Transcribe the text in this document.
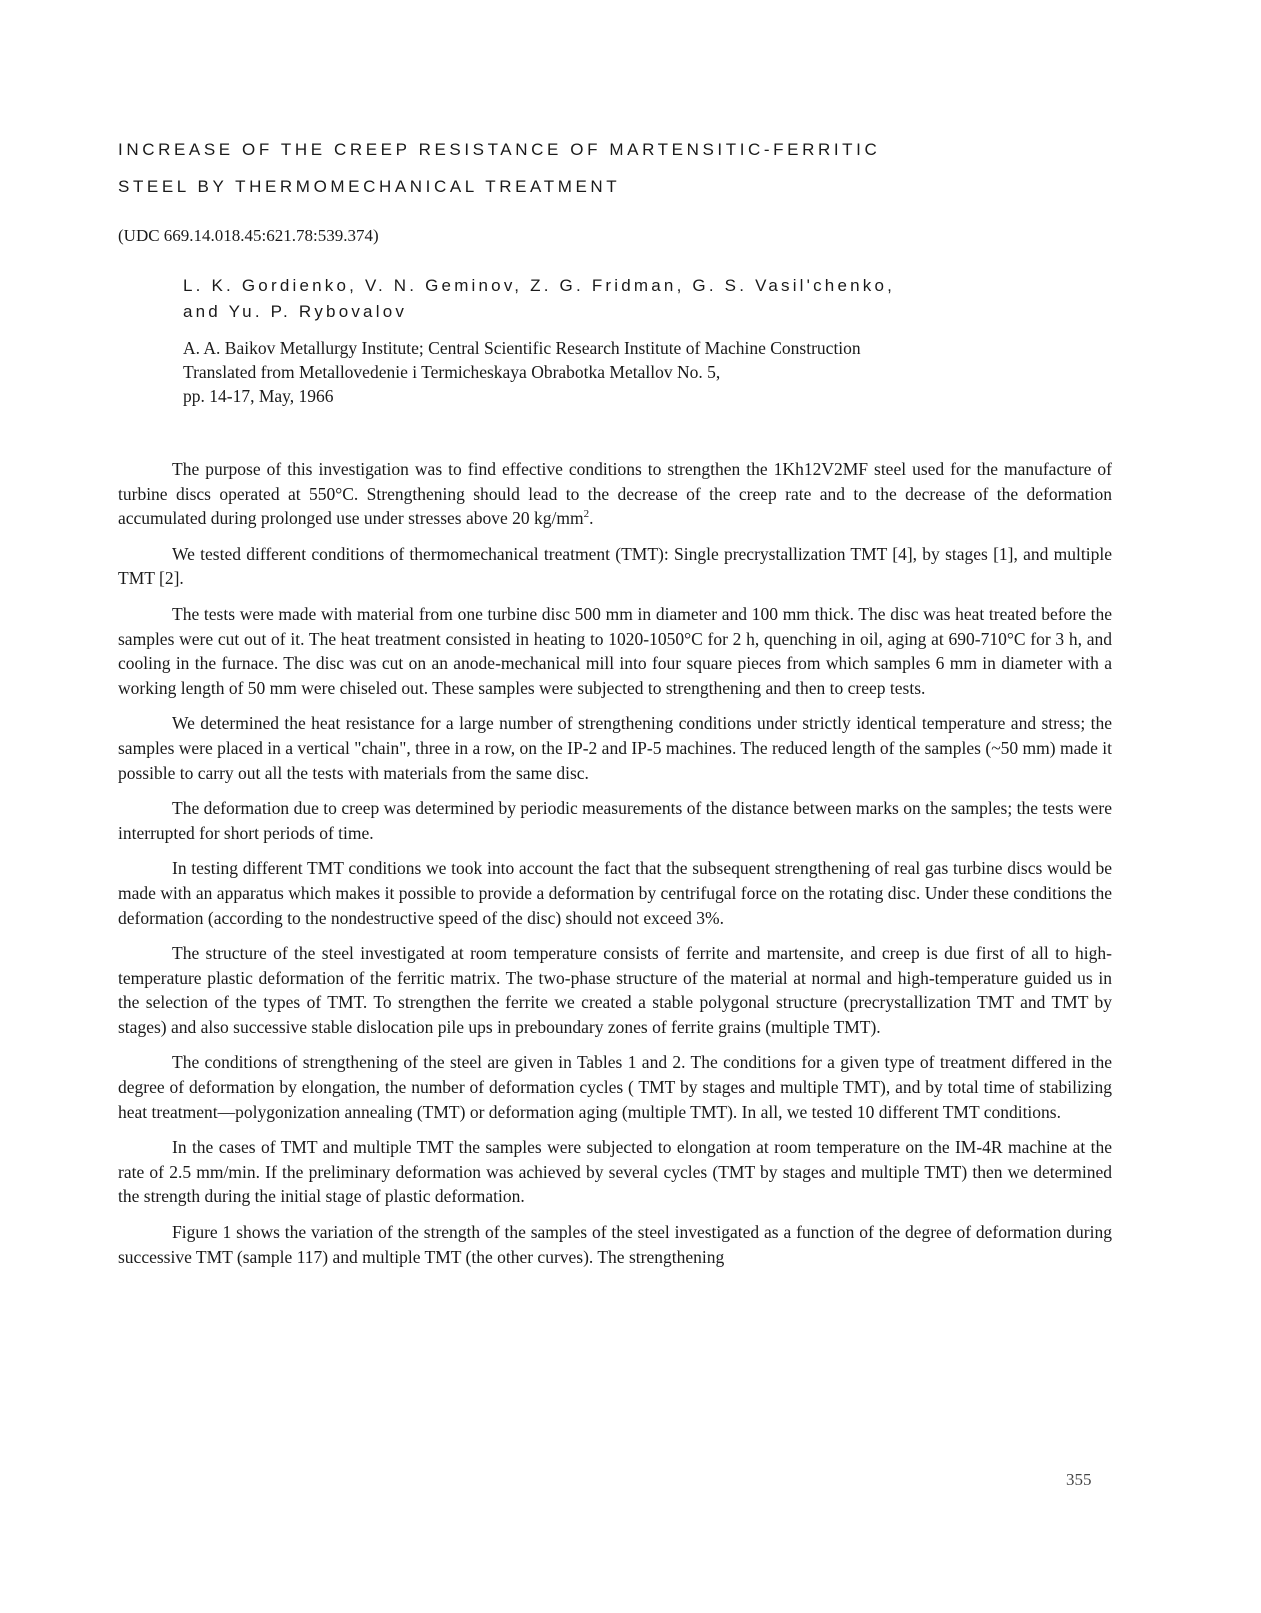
INCREASE OF THE CREEP RESISTANCE OF MARTENSITIC-FERRITIC
STEEL BY THERMOMECHANICAL TREATMENT
(UDC 669.14.018.45:621.78:539.374)
L. K. Gordienko, V. N. Geminov, Z. G. Fridman, G. S. Vasil'chenko,
and Yu. P. Rybovalov
A. A. Baikov Metallurgy Institute; Central Scientific Research Institute of Machine Construction
Translated from Metallovedenie i Termicheskaya Obrabotka Metallov No. 5,
pp. 14-17, May, 1966

The purpose of this investigation was to find effective conditions to strengthen the 1Kh12V2MF steel used for the manufacture of turbine discs operated at 550°C. Strengthening should lead to the decrease of the creep rate and to the decrease of the deformation accumulated during prolonged use under stresses above 20 $kg/mm^2$.

We tested different conditions of thermomechanical treatment (TMT): Single precrystallization TMT [4], by stages [1], and multiple TMT [2].

The tests were made with material from one turbine disc 500 mm in diameter and 100 mm thick. The disc was heat treated before the samples were cut out of it. The heat treatment consisted in heating to 1020-1050°C for 2 h, quenching in oil, aging at 690-710°C for 3 h, and cooling in the furnace. The disc was cut on an anode-mechanical mill into four square pieces from which samples 6 mm in diameter with a working length of 50 mm were chiseled out. These samples were subjected to strengthening and then to creep tests.

We determined the heat resistance for a large number of strengthening conditions under strictly identical temperature and stress; the samples were placed in a vertical "chain", three in a row, on the IP-2 and IP-5 machines. The reduced length of the samples (~50 mm) made it possible to carry out all the tests with materials from the same disc.

The deformation due to creep was determined by periodic measurements of the distance between marks on the samples; the tests were interrupted for short periods of time.

In testing different TMT conditions we took into account the fact that the subsequent strengthening of real gas turbine discs would be made with an apparatus which makes it possible to provide a deformation by centrifugal force on the rotating disc. Under these conditions the deformation (according to the nondestructive speed of the disc) should not exceed 3%.

The structure of the steel investigated at room temperature consists of ferrite and martensite, and creep is due first of all to high-temperature plastic deformation of the ferritic matrix. The two-phase structure of the material at normal and high-temperature guided us in the selection of the types of TMT. To strengthen the ferrite we created a stable polygonal structure (precrystallization TMT and TMT by stages) and also successive stable dislocation pile ups in preboundary zones of ferrite grains (multiple TMT).

The conditions of strengthening of the steel are given in Tables 1 and 2. The conditions for a given type of treatment differed in the degree of deformation by elongation, the number of deformation cycles ( TMT by stages and multiple TMT), and by total time of stabilizing heat treatment—polygonization annealing (TMT) or deformation aging (multiple TMT). In all, we tested 10 different TMT conditions.

In the cases of TMT and multiple TMT the samples were subjected to elongation at room temperature on the IM-4R machine at the rate of 2.5 mm/min. If the preliminary deformation was achieved by several cycles (TMT by stages and multiple TMT) then we determined the strength during the initial stage of plastic deformation.

Figure 1 shows the variation of the strength of the samples of the steel investigated as a function of the degree of deformation during successive TMT (sample 117) and multiple TMT (the other curves). The strengthening

355
